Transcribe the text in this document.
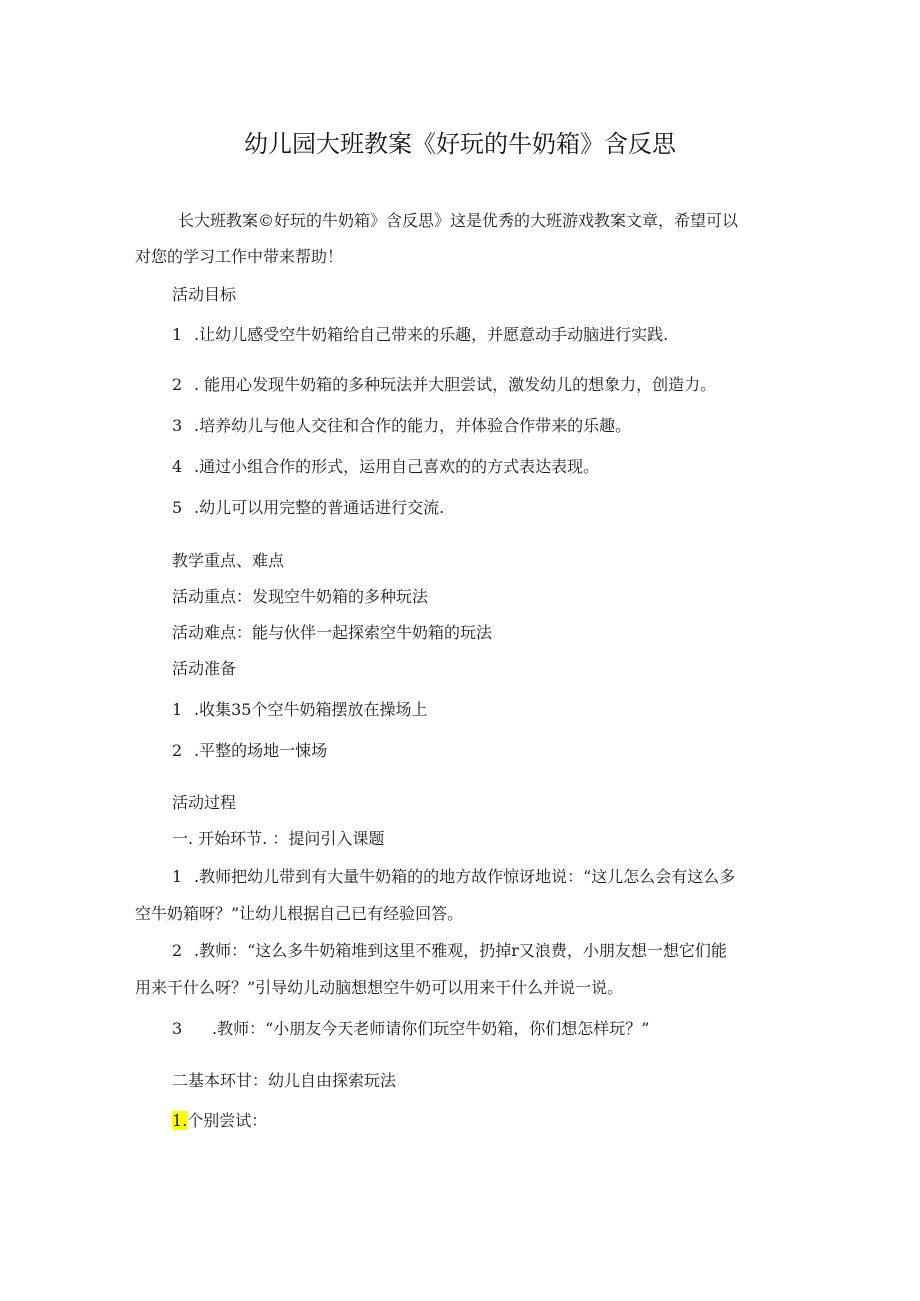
幼儿园大班教案《好玩的牛奶箱》含反思
长大班教案©好玩的牛奶箱》含反思》这是优秀的大班游戏教案文章，希望可以
对您的学习工作中带来帮助！
活动目标
1 .让幼儿感受空牛奶箱给自己带来的乐趣，并愿意动手动脑进行实践.
2 . 能用心发现牛奶箱的多种玩法并大胆尝试，激发幼儿的想象力，创造力。
3 .培养幼儿与他人交往和合作的能力，并体验合作带来的乐趣。
4 .通过小组合作的形式，运用自己喜欢的的方式表达表现。
5 .幼儿可以用完整的普通话进行交流.
教学重点、难点
活动重点：发现空牛奶箱的多种玩法
活动难点：能与伙伴一起探索空牛奶箱的玩法
活动准备
1 .收集35个空牛奶箱摆放在操场上
2 .平整的场地一悚场
活动过程
一. 开始环节. ：提问引入课题
1 .教师把幼儿带到有大量牛奶箱的的地方故作惊讶地说：“这儿怎么会有这么多
空牛奶箱呀？”让幼儿根据自己已有经验回答。
2 .教师：“这么多牛奶箱堆到这里不雅观，扔掉r又浪费，小朋友想一想它们能
用来干什么呀？”引导幼儿动脑想想空牛奶可以用来干什么并说一说。
3 .教师：“小朋友今天老师请你们玩空牛奶箱，你们想怎样玩？”
二基本环甘：幼儿自由探索玩法
1.个别尝试：
